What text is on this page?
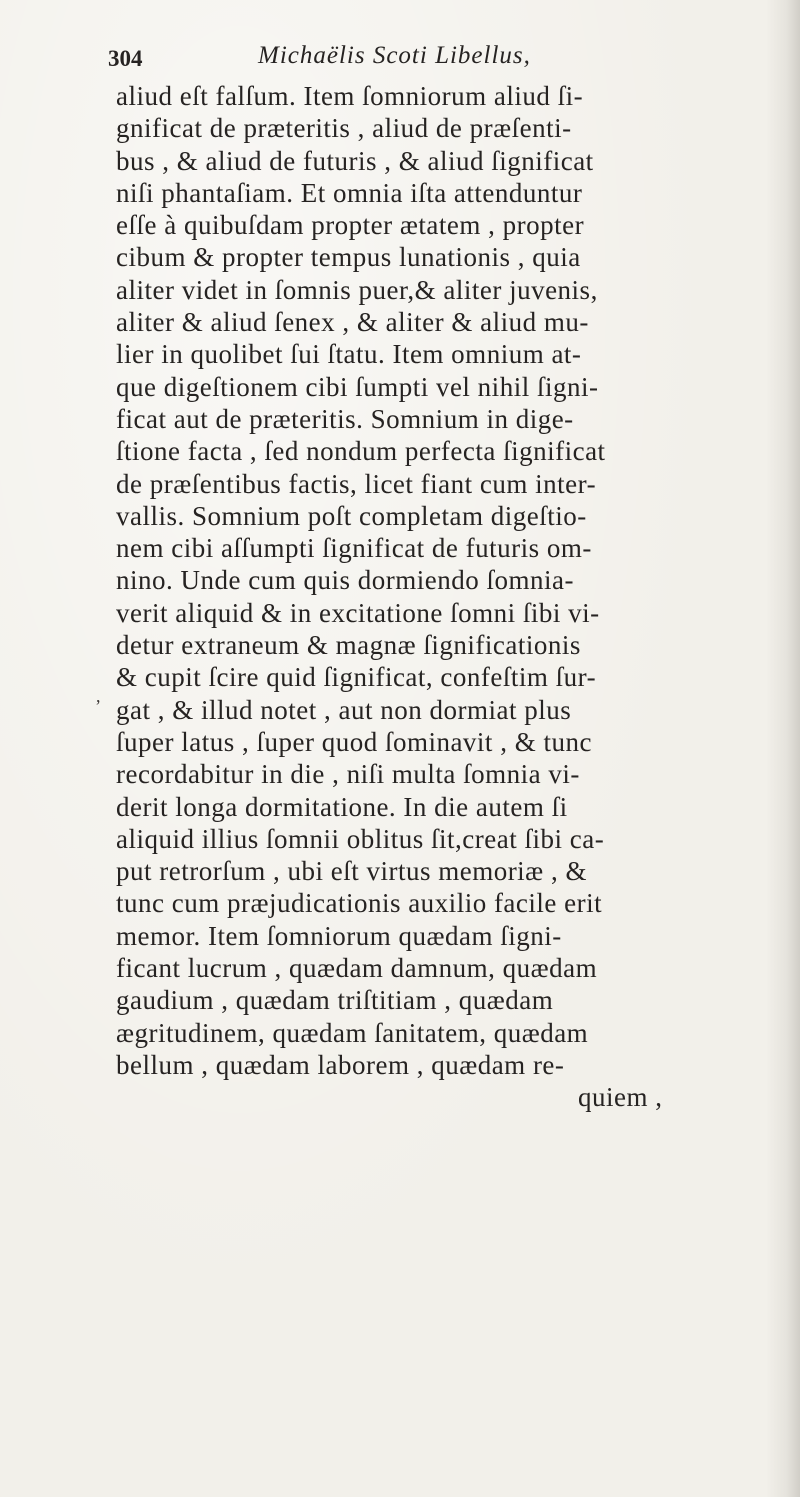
304	Michaëlis Scoti Libellus,
,
aliud eſt falſum. Item ſomniorum aliud ſi-
gnificat de præteritis , aliud de præſenti-
bus , & aliud de futuris , & aliud ſignificat
niſi phantaſiam. Et omnia iſta attenduntur
eſſe à quibuſdam propter ætatem , propter
cibum & propter tempus lunationis , quia
aliter videt in ſomnis puer,& aliter juvenis,
aliter & aliud ſenex , & aliter & aliud mu-
lier in quolibet ſui ſtatu. Item omnium at-
que digeſtionem cibi ſumpti vel nihil ſigni-
ficat aut de præteritis. Somnium in dige-
ſtione facta , ſed nondum perfecta ſignificat
de præſentibus factis, licet fiant cum inter-
vallis. Somnium poſt completam digeſtio-
nem cibi aſſumpti ſignificat de futuris om-
nino. Unde cum quis dormiendo ſomnia-
verit aliquid & in excitatione ſomni ſibi vi-
detur extraneum & magnæ ſignificationis
& cupit ſcire quid ſignificat, confeſtim ſur-
gat , & illud notet , aut non dormiat plus
ſuper latus , ſuper quod ſominavit , & tunc
recordabitur in die , niſi multa ſomnia vi-
derit longa dormitatione. In die autem ſi
aliquid illius ſomnii oblitus ſit,creat ſibi ca-
put retrorſum , ubi eſt virtus memoriæ , &
tunc cum præjudicationis auxilio facile erit
memor. Item ſomniorum quædam ſigni-
ficant lucrum , quædam damnum, quædam
gaudium , quædam triſtitiam , quædam
ægritudinem, quædam ſanitatem, quædam
bellum , quædam laborem , quædam re-
quiem ,
